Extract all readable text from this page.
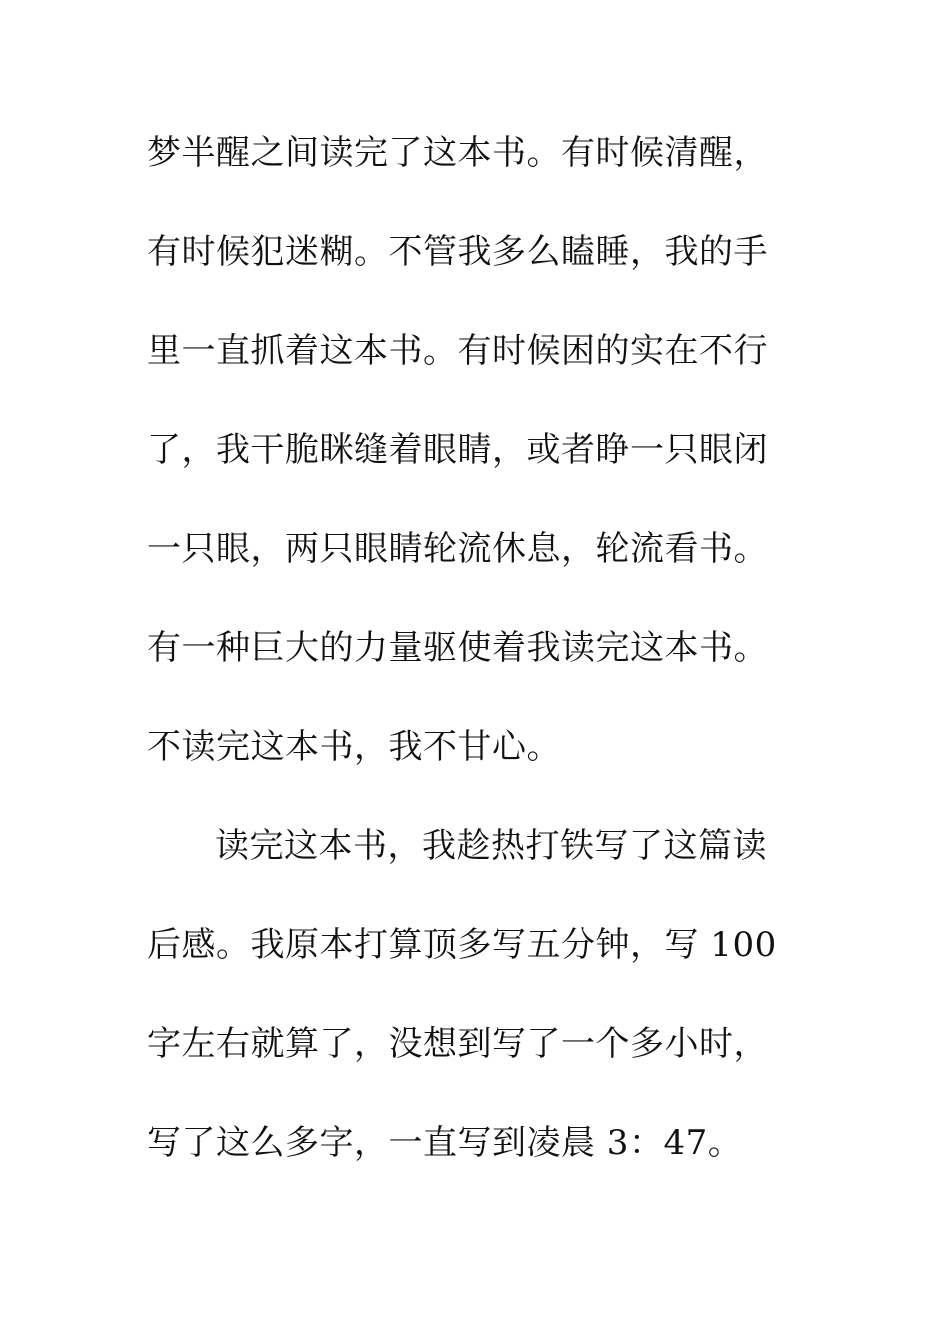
梦半醒之间读完了这本书。有时候清醒，
有时候犯迷糊。不管我多么瞌睡，我的手
里一直抓着这本书。有时候困的实在不行
了，我干脆眯缝着眼睛，或者睁一只眼闭
一只眼，两只眼睛轮流休息，轮流看书。
有一种巨大的力量驱使着我读完这本书。
不读完这本书，我不甘心。
读完这本书，我趁热打铁写了这篇读
后感。我原本打算顶多写五分钟，写 100
字左右就算了，没想到写了一个多小时，
写了这么多字，一直写到凌晨 3：47。
